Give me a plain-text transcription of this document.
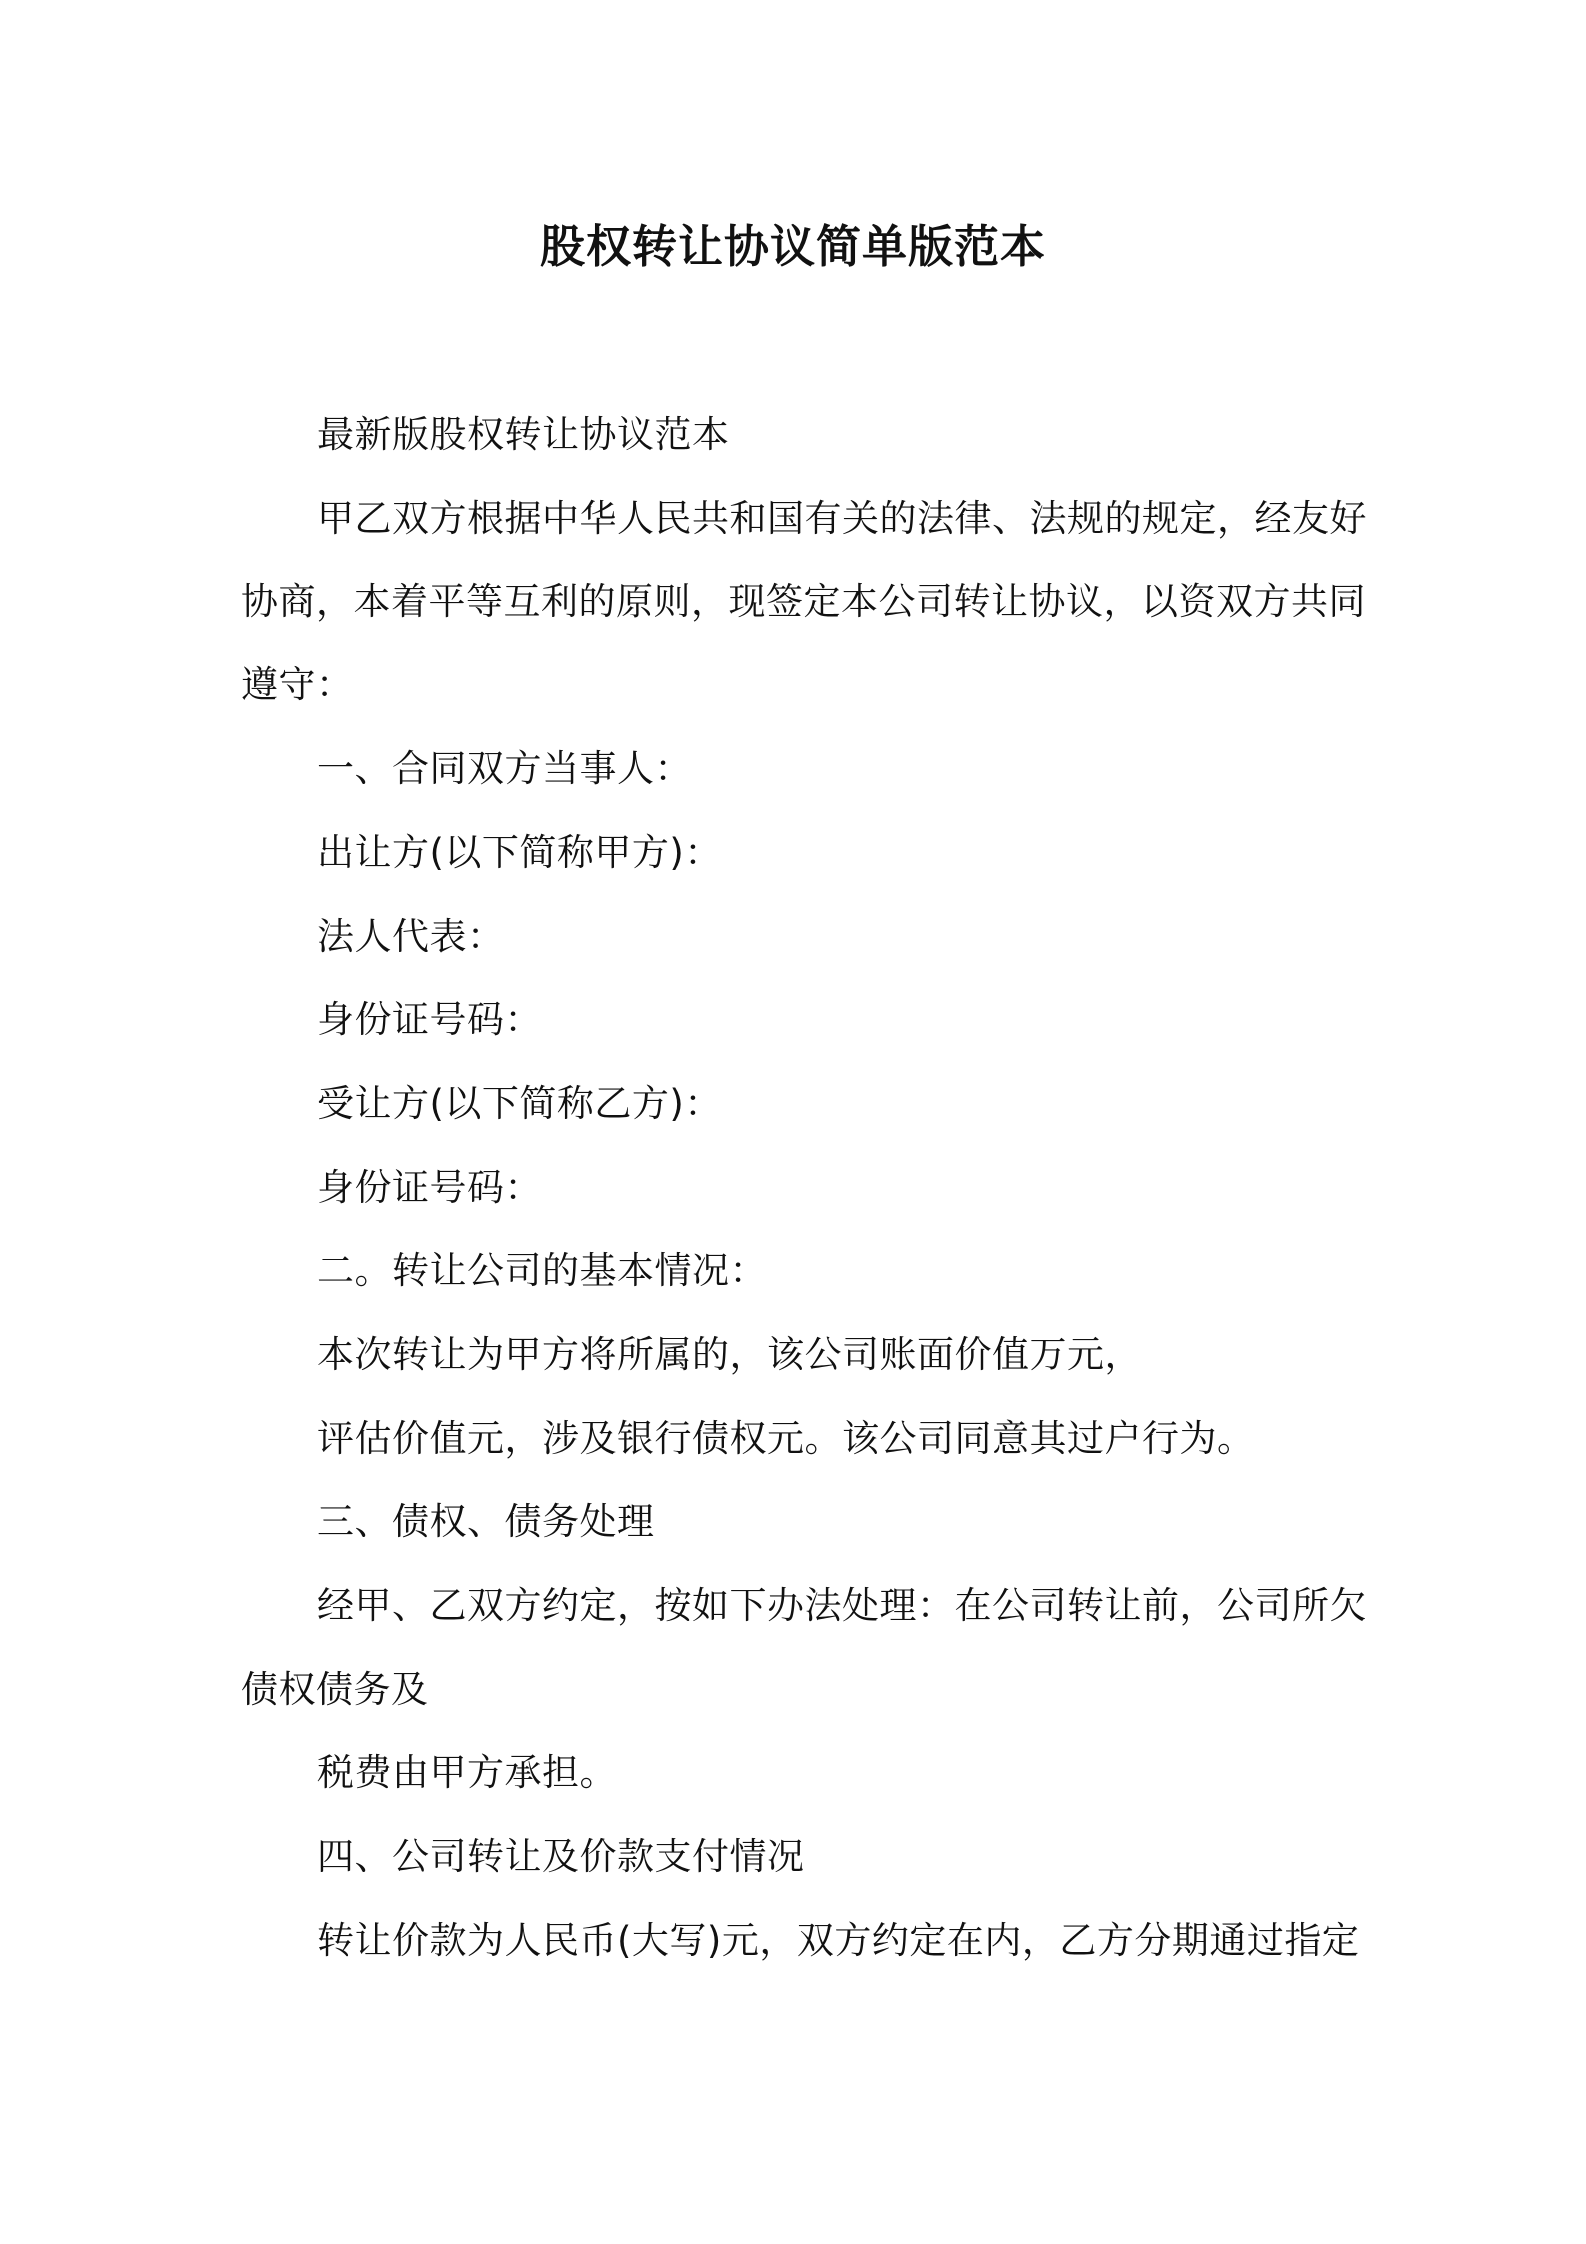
股权转让协议简单版范本
最新版股权转让协议范本
甲乙双方根据中华人民共和国有关的法律、法规的规定，经友好
协商，本着平等互利的原则，现签定本公司转让协议，以资双方共同
遵守：
一、合同双方当事人：
出让方(以下简称甲方)：
法人代表：
身份证号码：
受让方(以下简称乙方)：
身份证号码：
二。转让公司的基本情况：
本次转让为甲方将所属的，该公司账面价值万元，
评估价值元，涉及银行债权元。该公司同意其过户行为。
三、债权、债务处理
经甲、乙双方约定，按如下办法处理：在公司转让前，公司所欠
债权债务及
税费由甲方承担。
四、公司转让及价款支付情况
转让价款为人民币(大写)元，双方约定在内，乙方分期通过指定
